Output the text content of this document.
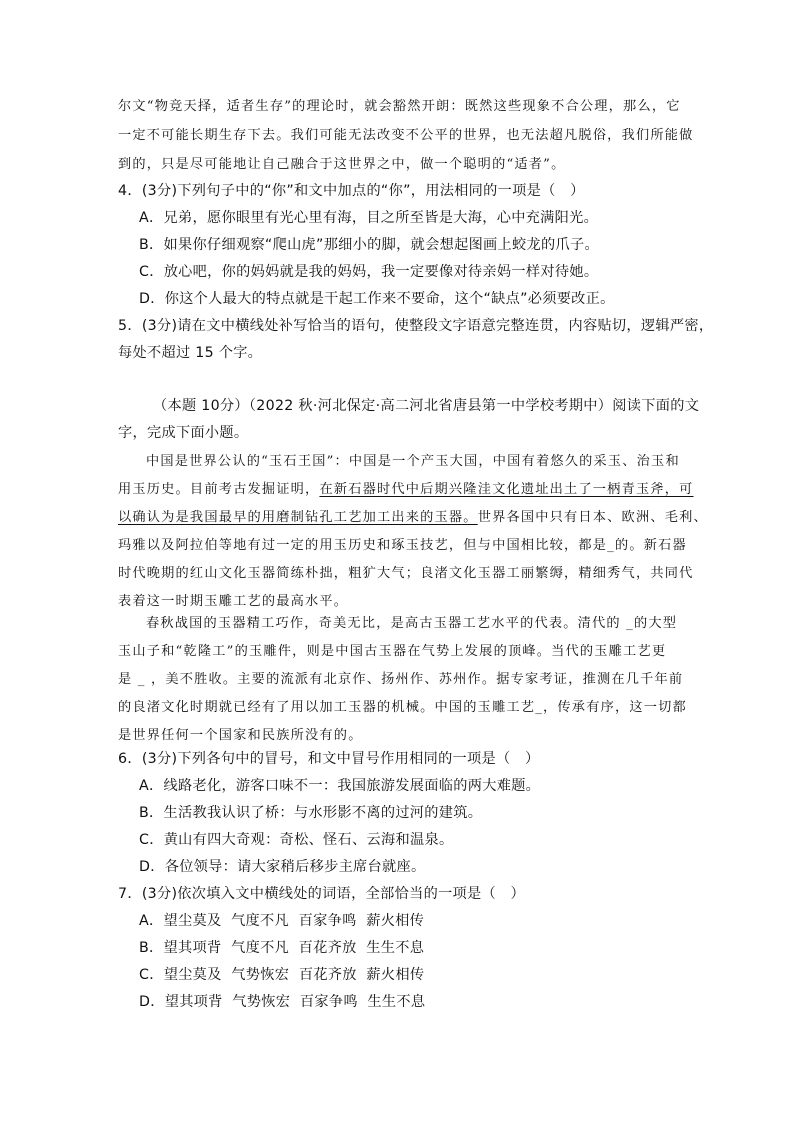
尔文“物竞天择，适者生存”的理论时，就会豁然开朗：既然这些现象不合公理，那么，它
一定不可能长期生存下去。我们可能无法改变不公平的世界，也无法超凡脱俗，我们所能做
到的，只是尽可能地让自己融合于这世界之中，做一个聪明的“适者”。
4．(3分)下列句子中的“你”和文中加点的“你”，用法相同的一项是（　）
A．兄弟，愿你眼里有光心里有海，目之所至皆是大海，心中充满阳光。
B．如果你仔细观察“爬山虎”那细小的脚，就会想起图画上蛟龙的爪子。
C．放心吧，你的妈妈就是我的妈妈，我一定要像对待亲妈一样对待她。
D．你这个人最大的特点就是干起工作来不要命，这个“缺点”必须要改正。
5．(3分)请在文中横线处补写恰当的语句，使整段文字语意完整连贯，内容贴切，逻辑严密，
每处不超过 15 个字。
（本题 10分）（2022 秋·河北保定·高二河北省唐县第一中学校考期中）阅读下面的文
字，完成下面小题。
中国是世界公认的“玉石王国”：中国是一个产玉大国，中国有着悠久的采玉、治玉和
用玉历史。目前考古发掘证明，在新石器时代中后期兴隆洼文化遗址出土了一柄青玉斧，可
以确认为是我国最早的用磨制钻孔工艺加工出来的玉器。世界各国中只有日本、欧洲、毛利、
玛雅以及阿拉伯等地有过一定的用玉历史和琢玉技艺，但与中国相比较，都是_的。新石器
时代晚期的红山文化玉器简练朴拙，粗犷大气；良渚文化玉器工丽繁缛，精细秀气，共同代
表着这一时期玉雕工艺的最高水平。
春秋战国的玉器精工巧作，奇美无比，是高古玉器工艺水平的代表。清代的 _的大型
玉山子和“乾隆工”的玉雕件，则是中国古玉器在气势上发展的顶峰。当代的玉雕工艺更
是 _ ，美不胜收。主要的流派有北京作、扬州作、苏州作。据专家考证，推测在几千年前
的良渚文化时期就已经有了用以加工玉器的机械。中国的玉雕工艺_，传承有序，这一切都
是世界任何一个国家和民族所没有的。
6．(3分)下列各句中的冒号，和文中冒号作用相同的一项是（　）
A．线路老化，游客口味不一：我国旅游发展面临的两大难题。
B．生活教我认识了桥：与水形影不离的过河的建筑。
C．黄山有四大奇观：奇松、怪石、云海和温泉。
D．各位领导：请大家稍后移步主席台就座。
7．(3分)依次填入文中横线处的词语，全部恰当的一项是（　）
A．望尘莫及  气度不凡  百家争鸣  薪火相传
B．望其项背  气度不凡  百花齐放  生生不息
C．望尘莫及  气势恢宏  百花齐放  薪火相传
D．望其项背  气势恢宏  百家争鸣  生生不息
